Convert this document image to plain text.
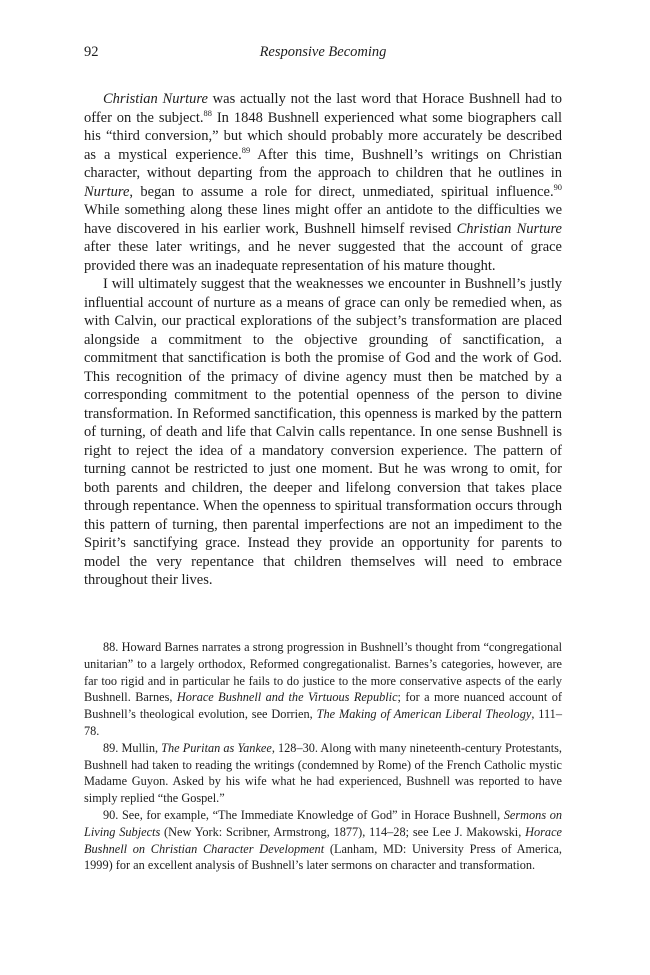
92	Responsive Becoming

Christian Nurture was actually not the last word that Horace Bushnell had to offer on the subject.$^{88}$ In 1848 Bushnell experienced what some biographers call his “third conversion,” but which should probably more accurately be described as a mystical experience.$^{89}$ After this time, Bushnell’s writings on Christian character, without departing from the approach to children that he outlines in Nurture, began to assume a role for direct, unmediated, spiritual influence.$^{90}$ While something along these lines might offer an antidote to the difficulties we have discovered in his earlier work, Bushnell himself revised Christian Nurture after these later writings, and he never suggested that the account of grace provided there was an inadequate representation of his mature thought.

I will ultimately suggest that the weaknesses we encounter in Bushnell’s justly influential account of nurture as a means of grace can only be remedied when, as with Calvin, our practical explorations of the subject’s transformation are placed alongside a commitment to the objective grounding of sanctification, a commitment that sanctification is both the promise of God and the work of God. This recognition of the primacy of divine agency must then be matched by a corresponding commitment to the potential openness of the person to divine transformation. In Reformed sanctification, this openness is marked by the pattern of turning, of death and life that Calvin calls repentance. In one sense Bushnell is right to reject the idea of a mandatory conversion experience. The pattern of turning cannot be restricted to just one moment. But he was wrong to omit, for both parents and children, the deeper and lifelong conversion that takes place through repentance. When the openness to spiritual transformation occurs through this pattern of turning, then parental imperfections are not an impediment to the Spirit’s sanctifying grace. Instead they provide an opportunity for parents to model the very repentance that children themselves will need to embrace throughout their lives.

88. Howard Barnes narrates a strong progression in Bushnell’s thought from “congregational unitarian” to a largely orthodox, Reformed congregationalist. Barnes’s categories, however, are far too rigid and in particular he fails to do justice to the more conservative aspects of the early Bushnell. Barnes, Horace Bushnell and the Virtuous Republic; for a more nuanced account of Bushnell’s theological evolution, see Dorrien, The Making of American Liberal Theology, 111–78.

89. Mullin, The Puritan as Yankee, 128–30. Along with many nineteenth-century Protestants, Bushnell had taken to reading the writings (condemned by Rome) of the French Catholic mystic Madame Guyon. Asked by his wife what he had experienced, Bushnell was reported to have simply replied “the Gospel.”

90. See, for example, “The Immediate Knowledge of God” in Horace Bushnell, Sermons on Living Subjects (New York: Scribner, Armstrong, 1877), 114–28; see Lee J. Makowski, Horace Bushnell on Christian Character Development (Lanham, MD: University Press of America, 1999) for an excellent analysis of Bushnell’s later sermons on character and transformation.
